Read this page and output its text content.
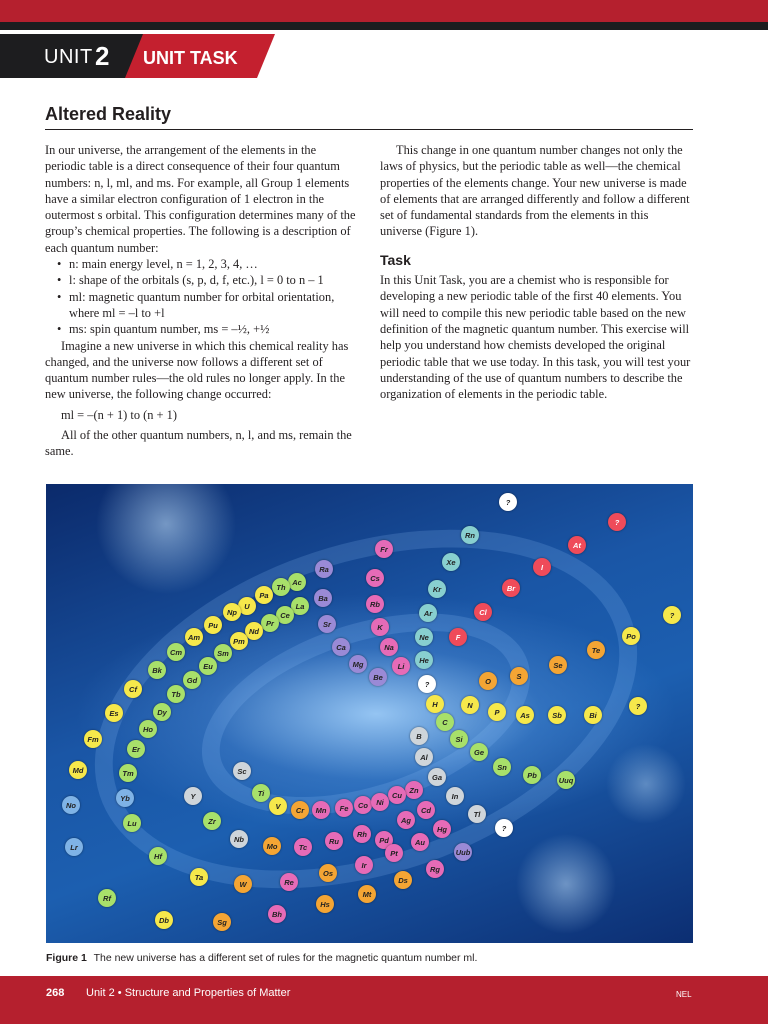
UNIT 2 UNIT TASK
Altered Reality

In our universe, the arrangement of the elements in the periodic table is a direct consequence of their four quantum numbers: n, l, ml, and ms. For example, all Group 1 elements have a similar electron configuration of 1 electron in the outermost s orbital. This configuration determines many of the group’s chemical properties. The following is a description of each quantum number:

• n: main energy level, n = 1, 2, 3, 4, …
• l: shape of the orbitals (s, p, d, f, etc.), l = 0 to n – 1
• ml: magnetic quantum number for orbital orientation, where ml = –l to +l
• ms: spin quantum number, ms = –½, +½

Imagine a new universe in which this chemical reality has changed, and the universe now follows a different set of quantum number rules—the old rules no longer apply. In the new universe, the following change occurred:

ml = –(n + 1) to (n + 1)

All of the other quantum numbers, n, l, and ms, remain the same.

This change in one quantum number changes not only the laws of physics, but the periodic table as well—the chemical properties of the elements change. Your new universe is made of elements that are arranged differently and follow a different set of fundamental standards from the elements in this universe (Figure 1).

Task

In this Unit Task, you are a chemist who is responsible for developing a new periodic table of the first 40 elements. You will need to compile this new periodic table based on the new definition of the magnetic quantum number. This exercise will help you understand how chemists developed the original periodic table that we use today. In this task, you will test your understanding of the use of quantum numbers to describe the organization of elements in the periodic table.

?
?
Rn
At
Fr
Xe
I
Ra
Cs
Kr	Br
Ac
Th
Pa	Ba
Rb
La
U
Np	Ce	Ar	Cl	?
Pu	Pr	Sr	K
Nd
Am	Ne	F	Po
Pm
Ca	Na
Cm	Sm	Te
He
Mg	Li
Eu	Se
Bk
S
Be
Gd	?	O
Cf
Tb
Bi
H	N	?
P	As	Sb
Es	Dy
C
Ho
Fm	B	Si
Er	Ge
Al
Sn
Md	Tm	Sc	Pb
Ga	Uuq
Zn
Ti	Cu
Yb	Y	In
No	V	Cr	Mn	Fe	Co	Ni
Cd	Tl
Ag
Lu	Zr
?
Hg
Nb
Rh
Pd	Au
Mo	Tc
Ru
Lr
Uub
Pt
Hf
Ir	Rg
Os
Ta
Re
W	Ds
Rf	Mt
Hs
Bh
Db	Sg
Figure 1 The new universe has a different set of rules for the magnetic quantum number ml.
268 Unit 2 • Structure and Properties of Matter	NEL
